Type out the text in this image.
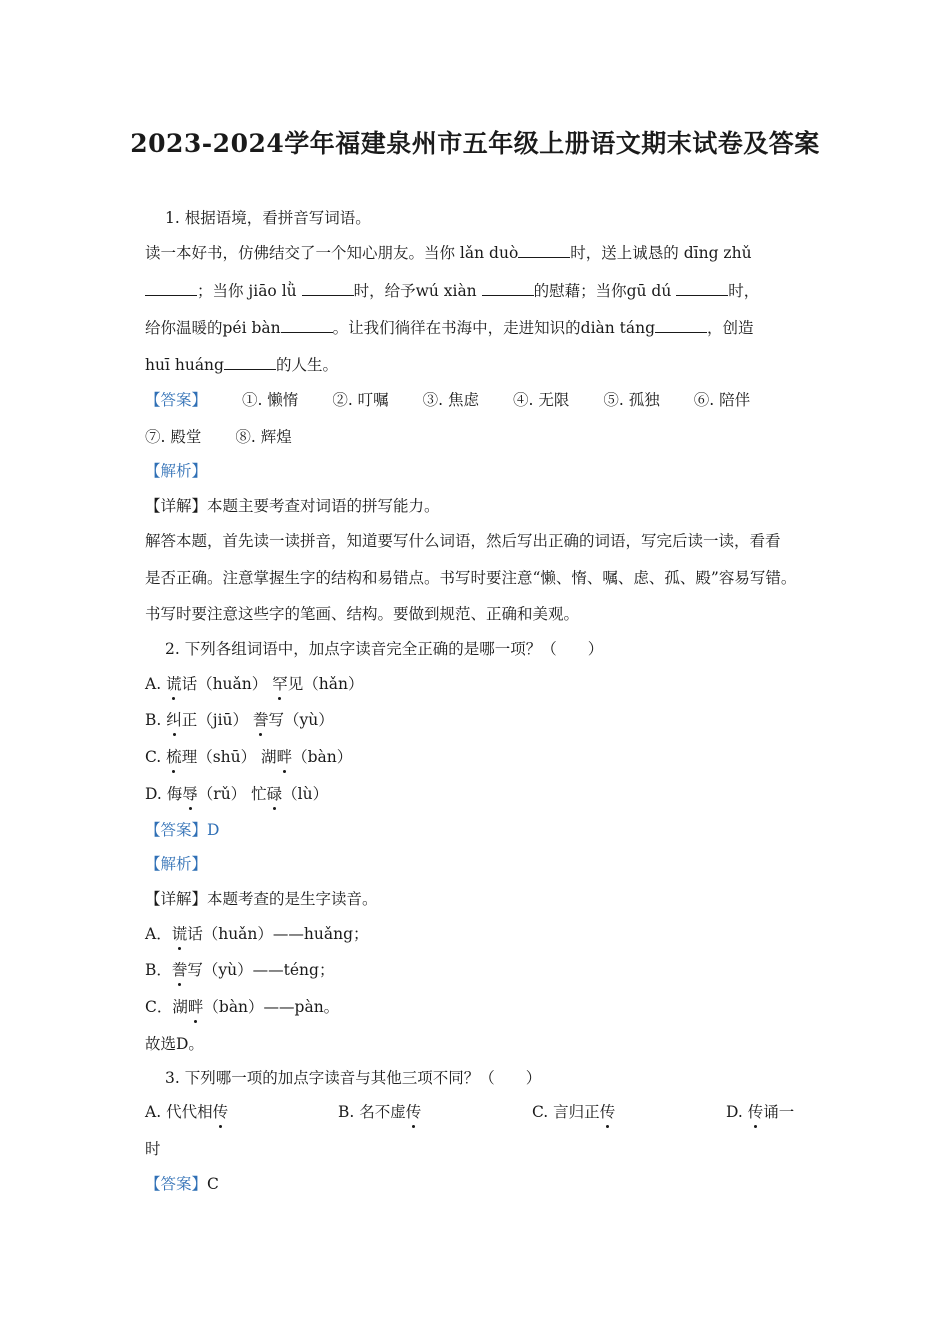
2023-2024学年福建泉州市五年级上册语文期末试卷及答案
1. 根据语境，看拼音写词语。
读一本好书，仿佛结交了一个知心朋友。当你 lǎn duò	时，送上诚恳的 dīng zhǔ
；当你 jiāo lǜ	时，给予wú xiàn	的慰藉；当你gū dú	时，
给你温暖的péi bàn	。让我们徜徉在书海中，走进知识的diàn táng	，创造
huī huáng	的人生。
【答案】 ①. 懒惰 ②. 叮嘱 ③. 焦虑 ④. 无限 ⑤. 孤独 ⑥. 陪伴
⑦. 殿堂 ⑧. 辉煌
【解析】
【详解】本题主要考查对词语的拼写能力。
解答本题，首先读一读拼音，知道要写什么词语，然后写出正确的词语，写完后读一读，看看
是否正确。注意掌握生字的结构和易错点。书写时要注意“懒、惰、嘱、虑、孤、殿”容易写错。
书写时要注意这些字的笔画、结构。要做到规范、正确和美观。
2. 下列各组词语中，加点字读音完全正确的是哪一项？（　　）
A. 谎话（huǎn） 罕见（hǎn）
B. 纠正（jiū） 誊写（yù）
C. 梳理（shū） 湖畔（bàn）
D. 侮辱（rǔ） 忙碌（lù）
【答案】D
【解析】
【详解】本题考查的是生字读音。
A．谎话（huǎn）——huǎng；
B．誊写（yù）——téng；
C．湖畔（bàn）——pàn。
故选D。
3. 下列哪一项的加点字读音与其他三项不同？（　　）
A. 代代相传	B. 名不虚传	C. 言归正传	D. 传诵一
时
【答案】C
